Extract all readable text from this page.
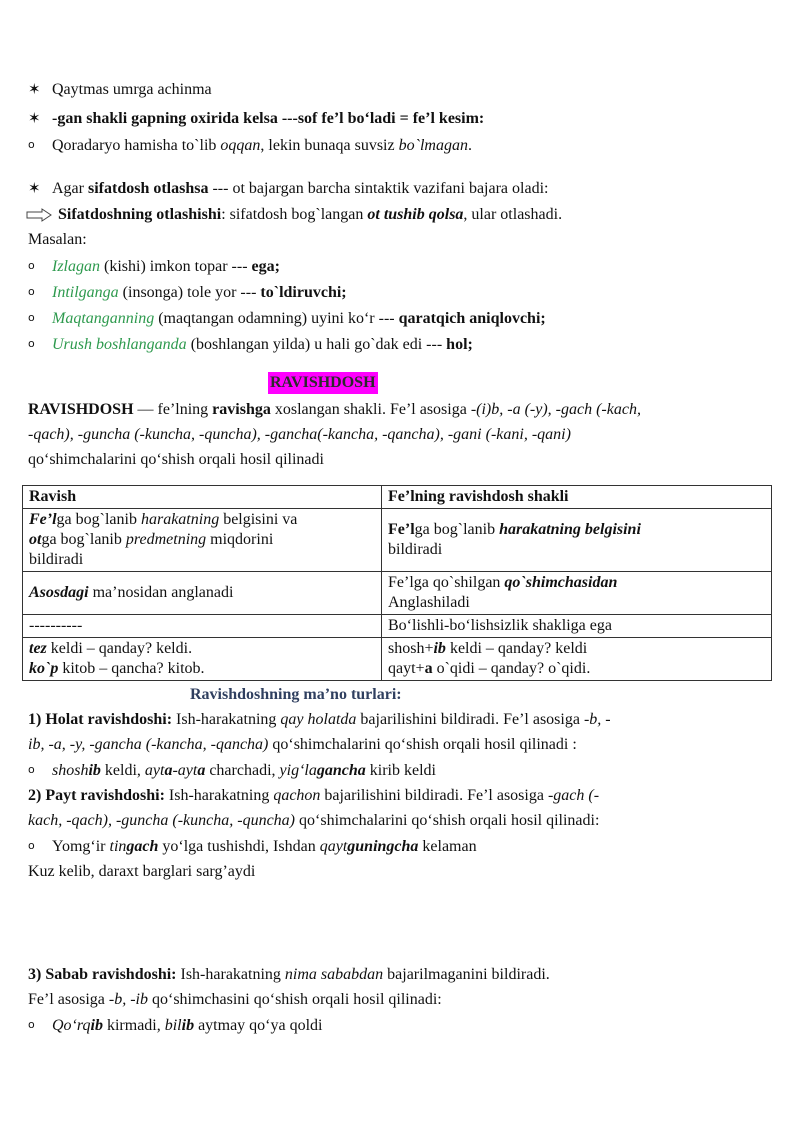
✶ Qaytmas umrga achinma
✶ -gan shakli gapning oxirida kelsa ---sof fe’l bo‘ladi = fe’l kesim:
o Qoradaryo hamisha to`lib oqqan, lekin bunaqa suvsiz bo`lmagan.
✶ Agar sifatdosh otlashsa --- ot bajargan barcha sintaktik vazifani bajara oladi:
Sifatdoshning otlashishi: sifatdosh bog`langan ot tushib qolsa, ular otlashadi.
Masalan:
o Izlagan (kishi) imkon topar --- ega;
o Intilganga (insonga) tole yor --- to`ldiruvchi;
o Maqtanganning (maqtangan odamning) uyini ko‘r --- qaratqich aniqlovchi;
o Urush boshlanganda (boshlangan yilda) u hali go`dak edi --- hol;
RAVISHDOSH
RAVISHDOSH — fe’lning ravishga xoslangan shakli. Fe’l asosiga -(i)b, -a (-y), -gach (-kach,
-qach), -guncha (-kuncha, -quncha), -gancha(-kancha, -qancha), -gani (-kani, -qani)
qo‘shimchalarini qo‘shish orqali hosil qilinadi
Ravish	Fe’lning ravishdosh shakli
Fe’lga bog`lanib harakatning belgisini va
otga bog`lanib predmetning miqdorini
bildiradi	Fe’lga bog`lanib harakatning belgisini
bildiradi
Asosdagi ma’nosidan anglanadi	Fe’lga qo`shilgan qo`shimchasidan
Anglashiladi
----------	Bo‘lishli-bo‘lishsizlik shakliga ega
tez keldi – qanday? keldi.
ko`p kitob – qancha? kitob.	shosh+ib keldi – qanday? keldi
qayt+a o`qidi – qanday? o`qidi.
Ravishdoshning ma’no turlari:
1) Holat ravishdoshi: Ish-harakatning qay holatda bajarilishini bildiradi. Fe’l asosiga -b, -
ib, -a, -y, -gancha (-kancha, -qancha) qo‘shimchalarini qo‘shish orqali hosil qilinadi :
o shoshib keldi, ayta-ayta charchadi, yig‘lagancha kirib keldi
2) Payt ravishdoshi: Ish-harakatning qachon bajarilishini bildiradi. Fe’l asosiga -gach (-
kach, -qach), -guncha (-kuncha, -quncha) qo‘shimchalarini qo‘shish orqali hosil qilinadi:
o Yomg‘ir tingach yo‘lga tushishdi, Ishdan qaytguningcha kelaman
Kuz kelib, daraxt barglari sarg’aydi
3) Sabab ravishdoshi: Ish-harakatning nima sababdan bajarilmaganini bildiradi.
Fe’l asosiga -b, -ib qo‘shimchasini qo‘shish orqali hosil qilinadi:
o Qo‘rqib kirmadi, bilib aytmay qo‘ya qoldi
